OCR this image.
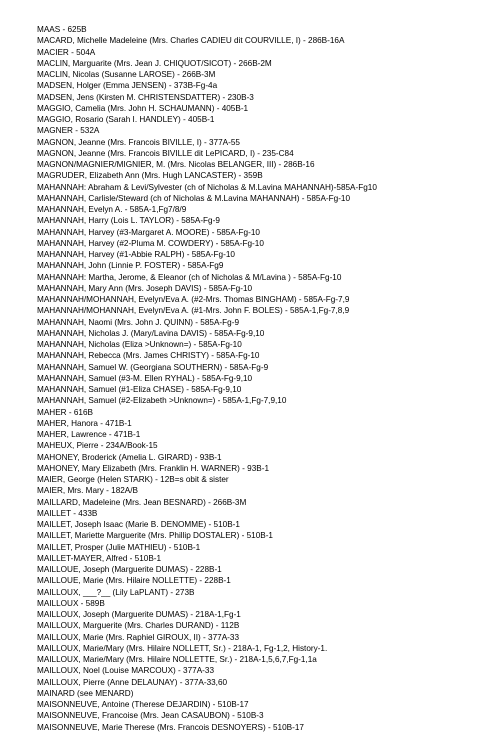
MAAS - 625B
MACARD, Michelle Madeleine (Mrs. Charles CADIEU dit COURVILLE, I) - 286B-16A
MACIER - 504A
MACLIN, Marguarite (Mrs. Jean J. CHIQUOT/SICOT) - 266B-2M
MACLIN, Nicolas (Susanne LAROSE) - 266B-3M
MADSEN, Holger (Emma JENSEN) - 373B-Fg-4a
MADSEN, Jens (Kirsten M. CHRISTENSDATTER) - 230B-3
MAGGIO, Camelia (Mrs. John H. SCHAUMANN) - 405B-1
MAGGIO, Rosario (Sarah I. HANDLEY) - 405B-1
MAGNER - 532A
MAGNON, Jeanne (Mrs. Francois BIVILLE, I) - 377A-55
MAGNON, Jeanne (Mrs. Francois BIVILLE dit LePICARD, I) - 235-C84
MAGNON/MAGNIER/MIGNIER, M. (Mrs. Nicolas BELANGER, III) - 286B-16
MAGRUDER, Elizabeth Ann (Mrs. Hugh LANCASTER) - 359B
MAHANNAH: Abraham & Levi/Sylvester (ch of Nicholas & M.Lavina MAHANNAH)-585A-Fg10
MAHANNAH, Carlisle/Steward (ch of Nicholas & M.Lavina MAHANNAH) - 585A-Fg-10
MAHANNAH, Evelyn A. - 585A-1,Fg7/8/9
MAHANNAH, Harry (Lois L. TAYLOR) - 585A-Fg-9
MAHANNAH, Harvey (#3-Margaret A. MOORE) - 585A-Fg-10
MAHANNAH, Harvey (#2-Pluma M. COWDERY) - 585A-Fg-10
MAHANNAH, Harvey (#1-Abbie RALPH) - 585A-Fg-10
MAHANNAH, John (Linnie P. FOSTER) - 585A-Fg9
MAHANNAH: Martha, Jerome, & Eleanor (ch of Nicholas & M/Lavina ) - 585A-Fg-10
MAHANNAH, Mary Ann (Mrs. Joseph DAVIS) - 585A-Fg-10
MAHANNAH/MOHANNAH, Evelyn/Eva A. (#2-Mrs. Thomas BINGHAM) - 585A-Fg-7,9
MAHANNAH/MOHANNAH, Evelyn/Eva A. (#1-Mrs. John F. BOLES) - 585A-1,Fg-7,8,9
MAHANNAH, Naomi (Mrs. John J. QUINN) - 585A-Fg-9
MAHANNAH, Nicholas J. (Mary/Lavina DAVIS) - 585A-Fg-9,10
MAHANNAH, Nicholas (Eliza >Unknown=) - 585A-Fg-10
MAHANNAH, Rebecca (Mrs. James CHRISTY) - 585A-Fg-10
MAHANNAH, Samuel W. (Georgiana SOUTHERN) - 585A-Fg-9
MAHANNAH, Samuel (#3-M. Ellen RYHAL) - 585A-Fg-9,10
MAHANNAH, Samuel (#1-Eliza CHASE) - 585A-Fg-9,10
MAHANNAH, Samuel (#2-Elizabeth >Unknown=) - 585A-1,Fg-7,9,10
MAHER - 616B
MAHER, Hanora - 471B-1
MAHER, Lawrence - 471B-1
MAHEUX, Pierre - 234A/Book-15
MAHONEY, Broderick (Amelia L. GIRARD) - 93B-1
MAHONEY, Mary Elizabeth (Mrs. Franklin H. WARNER) - 93B-1
MAIER, George (Helen STARK) - 12B=s obit & sister
MAIER, Mrs. Mary - 182A/B
MAILLARD, Madeleine (Mrs. Jean BESNARD) - 266B-3M
MAILLET - 433B
MAILLET, Joseph Isaac (Marie B. DENOMME) - 510B-1
MAILLET, Mariette Marguerite (Mrs. Phillip DOSTALER) - 510B-1
MAILLET, Prosper (Julie MATHIEU) - 510B-1
MAILLET-MAYER, Alfred - 510B-1
MAILLOUE, Joseph (Marguerite DUMAS) - 228B-1
MAILLOUE, Marie (Mrs. Hilaire NOLLETTE) - 228B-1
MAILLOUX, ___?__ (Lily LaPLANT) - 273B
MAILLOUX - 589B
MAILLOUX, Joseph (Marguerite DUMAS) - 218A-1,Fg-1
MAILLOUX, Marguerite (Mrs. Charles DURAND) - 112B
MAILLOUX, Marie (Mrs. Raphiel GIROUX, II) - 377A-33
MAILLOUX, Marie/Mary (Mrs. Hilaire NOLLETT, Sr.) - 218A-1, Fg-1,2, History-1.
MAILLOUX, Marie/Mary (Mrs. Hilaire NOLLETTE, Sr.) - 218A-1,5,6,7,Fg-1,1a
MAILLOUX, Noel (Louise MARCOUX) - 377A-33
MAILLOUX, Pierre (Anne DELAUNAY) - 377A-33,60
MAINARD (see MENARD)
MAISONNEUVE, Antoine (Therese DEJARDIN) - 510B-17
MAISONNEUVE, Francoise (Mrs. Jean CASAUBON) - 510B-3
MAISONNEUVE, Marie Therese (Mrs. Francois DESNOYERS) - 510B-17
